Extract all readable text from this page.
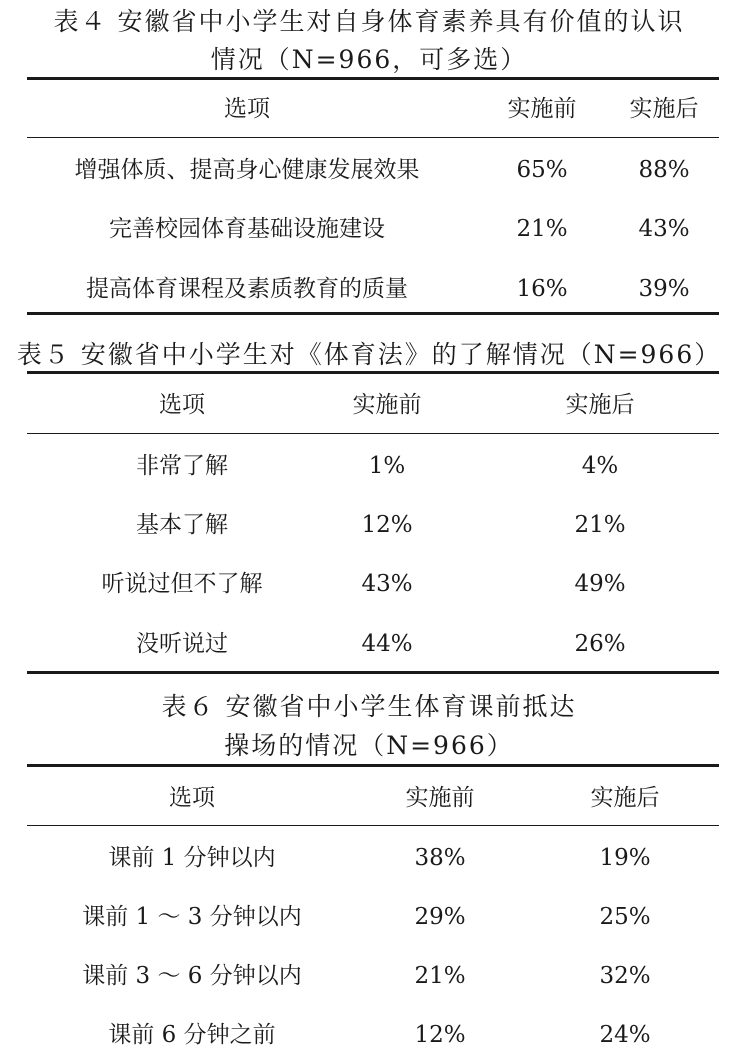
表４ 安徽省中小学生对自身体育素养具有价值的认识
情况（N=966，可多选）
选项	实施前	实施后
增强体质、提高身心健康发展效果	65%	88%
完善校园体育基础设施建设	21%	43%
提高体育课程及素质教育的质量	16%	39%
表５ 安徽省中小学生对《体育法》的了解情况（N=966）
选项	实施前	实施后
非常了解	1%	4%
基本了解	12%	21%
听说过但不了解	43%	49%
没听说过	44%	26%
表６ 安徽省中小学生体育课前抵达
操场的情况（N=966）
选项	实施前	实施后
课前 1 分钟以内	38%	19%
课前 1 ～ 3 分钟以内	29%	25%
课前 3 ～ 6 分钟以内	21%	32%
课前 6 分钟之前	12%	24%
